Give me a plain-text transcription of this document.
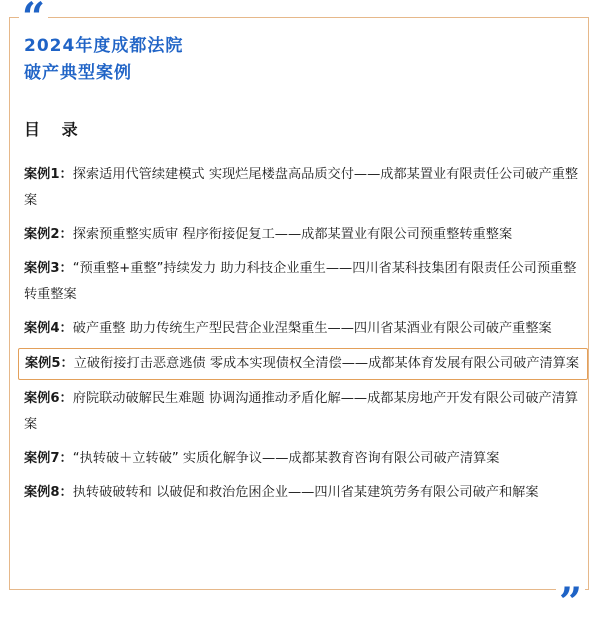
“
”
2024年度成都法院
破产典型案例
目 录
案例1：探索适用代管续建模式 实现烂尾楼盘高品质交付——成都某置业有限责任公司破产重整案
案例2：探索预重整实质审 程序衔接促复工——成都某置业有限公司预重整转重整案
案例3：“预重整+重整”持续发力 助力科技企业重生——四川省某科技集团有限责任公司预重整转重整案
案例4：破产重整 助力传统生产型民营企业涅槃重生——四川省某酒业有限公司破产重整案
案例5：立破衔接打击恶意逃债 零成本实现债权全清偿——成都某体育发展有限公司破产清算案
案例6：府院联动破解民生难题 协调沟通推动矛盾化解——成都某房地产开发有限公司破产清算案
案例7：“执转破＋立转破” 实质化解争议——成都某教育咨询有限公司破产清算案
案例8：执转破破转和 以破促和救治危困企业——四川省某建筑劳务有限公司破产和解案
